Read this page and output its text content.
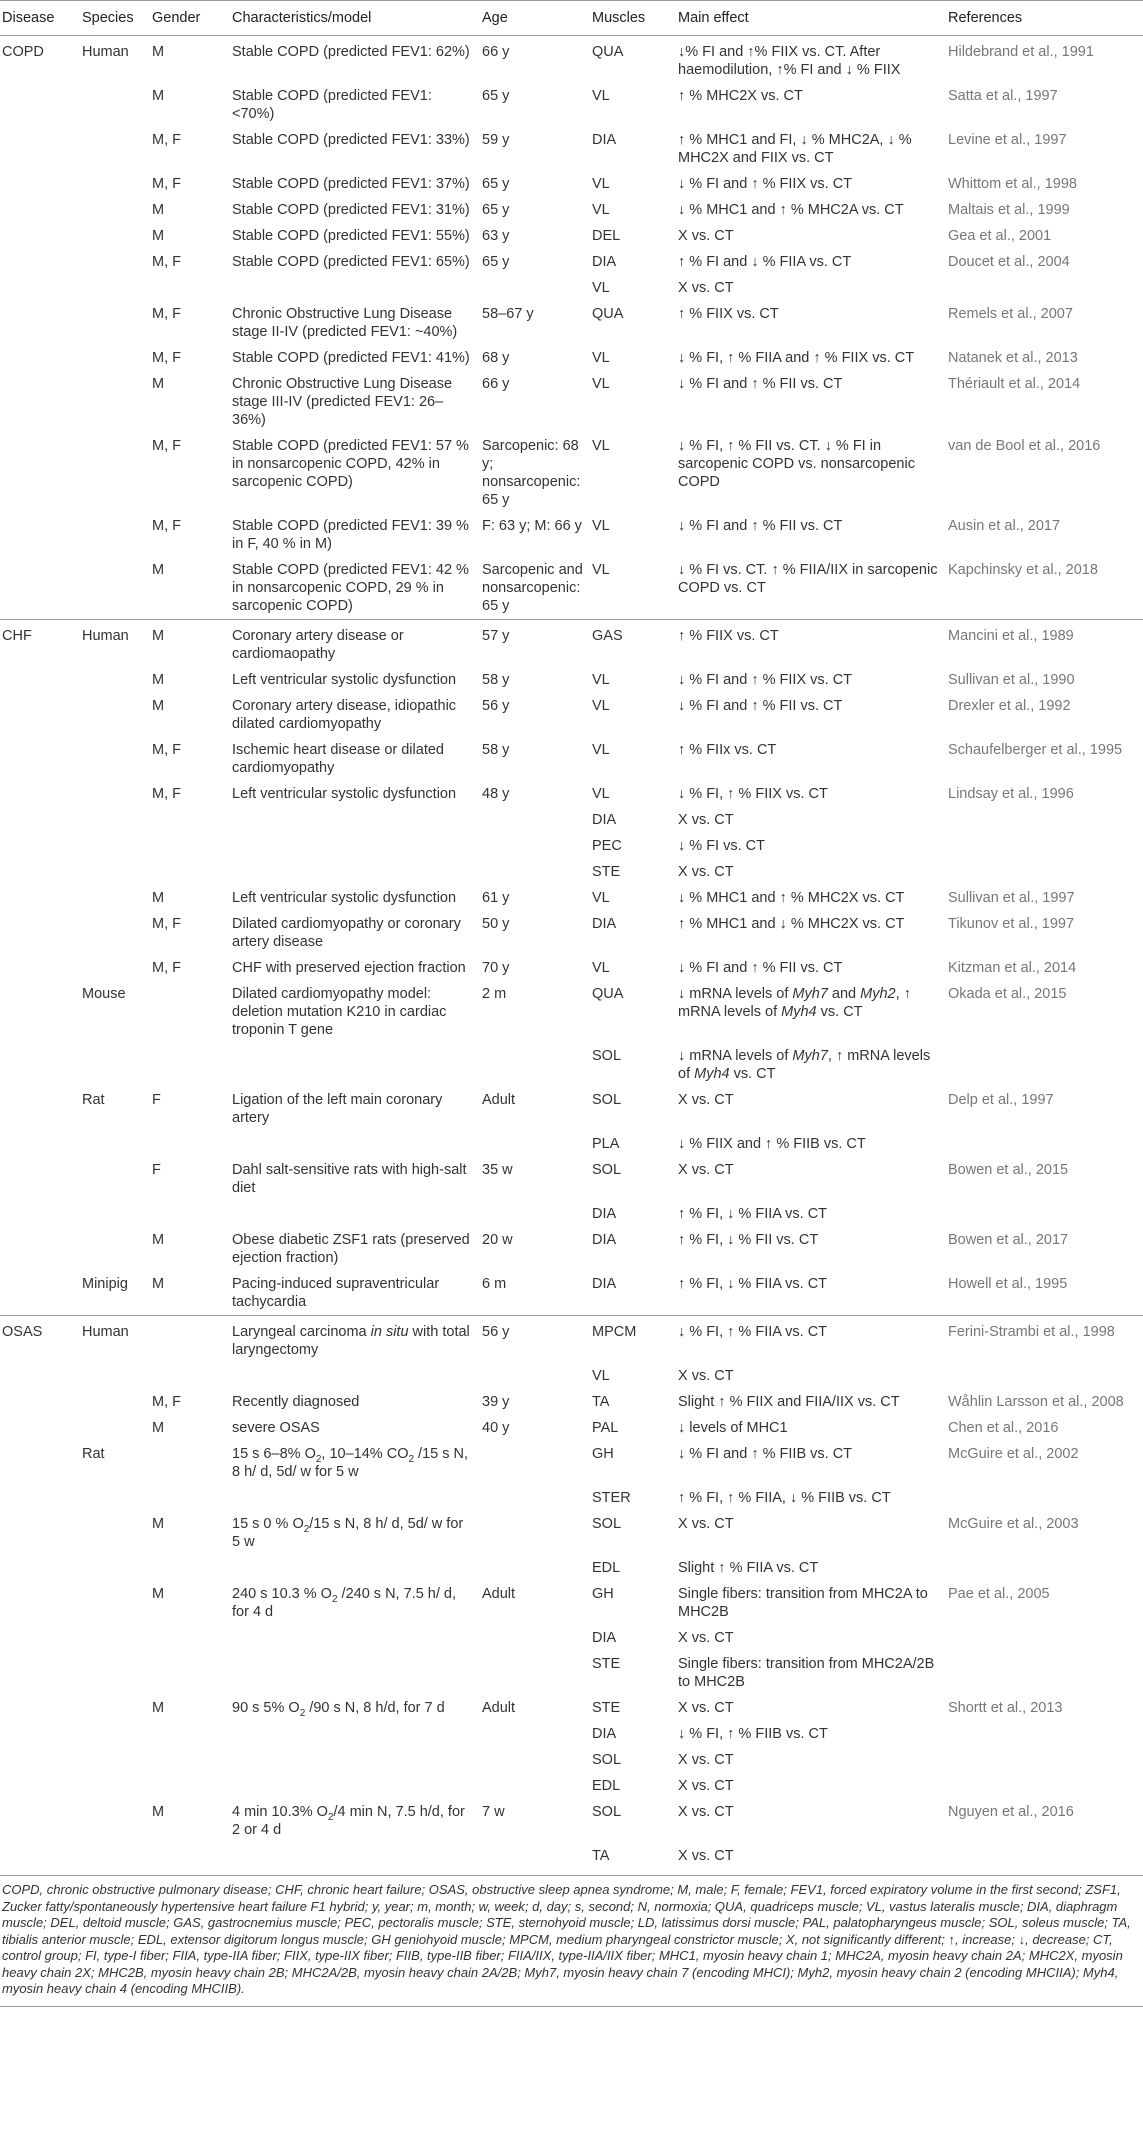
Disease	Species	Gender	Characteristics/model	Age	Muscles	Main effect	References
COPD	Human	M	Stable COPD (predicted FEV1: 62%)	66 y	QUA	↓% FI and ↑% FIIX vs. CT. After haemodilution, ↑% FI and ↓ % FIIX	Hildebrand et al., 1991
		M	Stable COPD (predicted FEV1: <70%)	65 y	VL	↑ % MHC2X vs. CT	Satta et al., 1997
		M, F	Stable COPD (predicted FEV1: 33%)	59 y	DIA	↑ % MHC1 and FI, ↓ % MHC2A, ↓ % MHC2X and FIIX vs. CT	Levine et al., 1997
		M, F	Stable COPD (predicted FEV1: 37%)	65 y	VL	↓ % FI and ↑ % FIIX vs. CT	Whittom et al., 1998
		M	Stable COPD (predicted FEV1: 31%)	65 y	VL	↓ % MHC1 and ↑ % MHC2A vs. CT	Maltais et al., 1999
		M	Stable COPD (predicted FEV1: 55%)	63 y	DEL	X vs. CT	Gea et al., 2001
		M, F	Stable COPD (predicted FEV1: 65%)	65 y	DIA	↑ % FI and ↓ % FIIA vs. CT	Doucet et al., 2004
					VL	X vs. CT	
		M, F	Chronic Obstructive Lung Disease stage II-IV (predicted FEV1: ~40%)	58–67 y	QUA	↑ % FIIX vs. CT	Remels et al., 2007
		M, F	Stable COPD (predicted FEV1: 41%)	68 y	VL	↓ % FI, ↑ % FIIA and ↑ % FIIX vs. CT	Natanek et al., 2013
		M	Chronic Obstructive Lung Disease stage III-IV (predicted FEV1: 26–36%)	66 y	VL	↓ % FI and ↑ % FII vs. CT	Thériault et al., 2014
		M, F	Stable COPD (predicted FEV1: 57 % in nonsarcopenic COPD, 42% in sarcopenic COPD)	Sarcopenic: 68 y; nonsarcopenic: 65 y	VL	↓ % FI, ↑ % FII vs. CT. ↓ % FI in sarcopenic COPD vs. nonsarcopenic COPD	van de Bool et al., 2016
		M, F	Stable COPD (predicted FEV1: 39 % in F, 40 % in M)	F: 63 y; M: 66 y	VL	↓ % FI and ↑ % FII vs. CT	Ausin et al., 2017
		M	Stable COPD (predicted FEV1: 42 % in nonsarcopenic COPD, 29 % in sarcopenic COPD)	Sarcopenic and nonsarcopenic: 65 y	VL	↓ % FI vs. CT. ↑ % FIIA/IIX in sarcopenic COPD vs. CT	Kapchinsky et al., 2018
CHF	Human	M	Coronary artery disease or cardiomaopathy	57 y	GAS	↑ % FIIX vs. CT	Mancini et al., 1989
		M	Left ventricular systolic dysfunction	58 y	VL	↓ % FI and ↑ % FIIX vs. CT	Sullivan et al., 1990
		M	Coronary artery disease, idiopathic dilated cardiomyopathy	56 y	VL	↓ % FI and ↑ % FII vs. CT	Drexler et al., 1992
		M, F	Ischemic heart disease or dilated cardiomyopathy	58 y	VL	↑ % FIIx vs. CT	Schaufelberger et al., 1995
		M, F	Left ventricular systolic dysfunction	48 y	VL	↓ % FI, ↑ % FIIX vs. CT	Lindsay et al., 1996
					DIA	X vs. CT	
					PEC	↓ % FI vs. CT	
					STE	X vs. CT	
		M	Left ventricular systolic dysfunction	61 y	VL	↓ % MHC1 and ↑ % MHC2X vs. CT	Sullivan et al., 1997
		M, F	Dilated cardiomyopathy or coronary artery disease	50 y	DIA	↑ % MHC1 and ↓ % MHC2X vs. CT	Tikunov et al., 1997
		M, F	CHF with preserved ejection fraction	70 y	VL	↓ % FI and ↑ % FII vs. CT	Kitzman et al., 2014
	Mouse		Dilated cardiomyopathy model: deletion mutation K210 in cardiac troponin T gene	2 m	QUA	↓ mRNA levels of Myh7 and Myh2, ↑ mRNA levels of Myh4 vs. CT	Okada et al., 2015
					SOL	↓ mRNA levels of Myh7, ↑ mRNA levels of Myh4 vs. CT	
	Rat	F	Ligation of the left main coronary artery	Adult	SOL	X vs. CT	Delp et al., 1997
					PLA	↓ % FIIX and ↑ % FIIB vs. CT	
		F	Dahl salt-sensitive rats with high-salt diet	35 w	SOL	X vs. CT	Bowen et al., 2015
					DIA	↑ % FI, ↓ % FIIA vs. CT	
		M	Obese diabetic ZSF1 rats (preserved ejection fraction)	20 w	DIA	↑ % FI, ↓ % FII vs. CT	Bowen et al., 2017
	Minipig	M	Pacing-induced supraventricular tachycardia	6 m	DIA	↑ % FI, ↓ % FIIA vs. CT	Howell et al., 1995
OSAS	Human		Laryngeal carcinoma in situ with total laryngectomy	56 y	MPCM	↓ % FI, ↑ % FIIA vs. CT	Ferini-Strambi et al., 1998
					VL	X vs. CT	
		M, F	Recently diagnosed	39 y	TA	Slight ↑ % FIIX and FIIA/IIX vs. CT	Wåhlin Larsson et al., 2008
		M	severe OSAS	40 y	PAL	↓ levels of MHC1	Chen et al., 2016
	Rat		15 s 6–8% $O_2$, 10–14% $CO_2$ /15 s N, 8 h/ d, 5d/ w for 5 w		GH	↓ % FI and ↑ % FIIB vs. CT	McGuire et al., 2002
					STER	↑ % FI, ↑ % FIIA, ↓ % FIIB vs. CT	
		M	15 s 0 % $O_2/15$ s N, 8 h/ d, 5d/ w for 5 w		SOL	X vs. CT	McGuire et al., 2003
					EDL	Slight ↑ % FIIA vs. CT	
		M	240 s 10.3 % $O_2$ /240 s N, 7.5 h/ d, for 4 d	Adult	GH	Single fibers: transition from MHC2A to MHC2B	Pae et al., 2005
					DIA	X vs. CT	
					STE	Single fibers: transition from MHC2A/2B to MHC2B	
		M	90 s 5% $O_2$ /90 s N, 8 h/d, for 7 d	Adult	STE	X vs. CT	Shortt et al., 2013
					DIA	↓ % FI, ↑ % FIIB vs. CT	
					SOL	X vs. CT	
					EDL	X vs. CT	
		M	4 min 10.3% $O_2/4$ min N, 7.5 h/d, for 2 or 4 d	7 w	SOL	X vs. CT	Nguyen et al., 2016
					TA	X vs. CT	
COPD, chronic obstructive pulmonary disease; CHF, chronic heart failure; OSAS, obstructive sleep apnea syndrome; M, male; F, female; FEV1, forced expiratory volume in the first second; ZSF1, Zucker fatty/spontaneously hypertensive heart failure F1 hybrid; y, year; m, month; w, week; d, day; s, second; N, normoxia; QUA, quadriceps muscle; VL, vastus lateralis muscle; DIA, diaphragm muscle; DEL, deltoid muscle; GAS, gastrocnemius muscle; PEC, pectoralis muscle; STE, sternohyoid muscle; LD, latissimus dorsi muscle; PAL, palatopharyngeus muscle; SOL, soleus muscle; TA, tibialis anterior muscle; EDL, extensor digitorum longus muscle; GH geniohyoid muscle; MPCM, medium pharyngeal constrictor muscle; X, not significantly different; ↑, increase; ↓, decrease; CT, control group; FI, type-I fiber; FIIA, type-IIA fiber; FIIX, type-IIX fiber; FIIB, type-IIB fiber; FIIA/IIX, type-IIA/IIX fiber; MHC1, myosin heavy chain 1; MHC2A, myosin heavy chain 2A; MHC2X, myosin heavy chain 2X; MHC2B, myosin heavy chain 2B; MHC2A/2B, myosin heavy chain 2A/2B; Myh7, myosin heavy chain 7 (encoding MHCI); Myh2, myosin heavy chain 2 (encoding MHCIIA); Myh4, myosin heavy chain 4 (encoding MHCIIB).
